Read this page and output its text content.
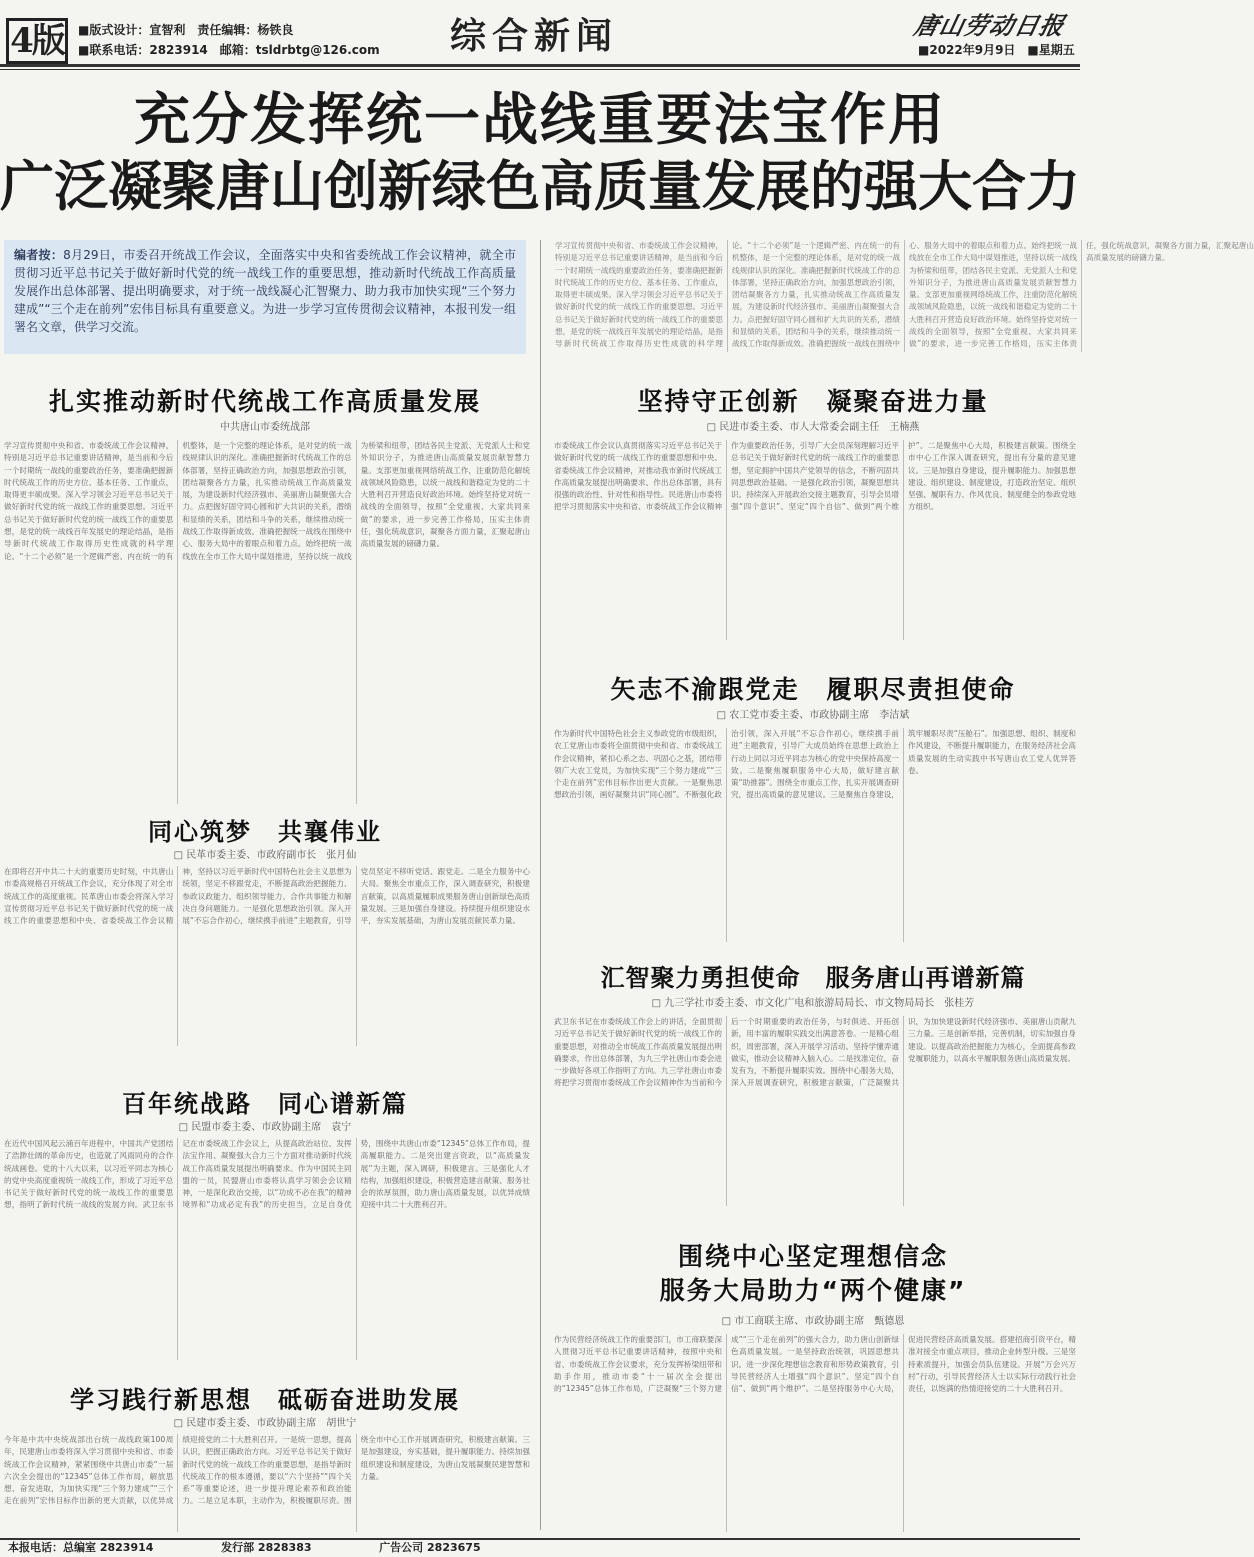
4版	■版式设计：宣智利　责任编辑：杨铁良
■联系电话：2823914　邮箱：tsldrbtg@126.com 综合新闻	唐山劳动日报
■2022年9月9日　■星期五
充分发挥统一战线重要法宝作用
广泛凝聚唐山创新绿色高质量发展的强大合力
编者按：8月29日，市委召开统战工作会议，全面落实中央和省委统战工作会议精神，就全市贯彻习近平总书记关于做好新时代党的统一战线工作的重要思想，推动新时代统战工作高质量发展作出总体部署、提出明确要求，对于统一战线凝心汇智聚力、助力我市加快实现“三个努力建成”“三个走在前列”宏伟目标具有重要意义。为进一步学习宣传贯彻会议精神，本报刊发一组署名文章，供学习交流。
学习宣传贯彻中央和省、市委统战工作会议精神，特别是习近平总书记重要讲话精神，是当前和今后一个时期统一战线的重要政治任务，要准确把握新时代统战工作的历史方位、基本任务、工作重点，取得更丰硕成果。深入学习领会习近平总书记关于做好新时代党的统一战线工作的重要思想。习近平总书记关于做好新时代党的统一战线工作的重要思想，是党的统一战线百年发展史的理论结晶，是指导新时代统战工作取得历史性成就的科学理论。“十二个必须”是一个逻辑严密、内在统一的有机整体，是一个完整的理论体系，是对党的统一战线规律认识的深化。准确把握新时代统战工作的总体部署，坚持正确政治方向，加强思想政治引领，团结凝聚各方力量，扎实推动统战工作高质量发展，为建设新时代经济强市、美丽唐山凝聚强大合力。点把握好固守同心圆和扩大共识的关系，潜绩和显绩的关系，团结和斗争的关系，继续推动统一战线工作取得新成效。准确把握统一战线在围绕中心、服务大局中的着眼点和着力点。始终把统一战线放在全市工作大局中谋划推进，坚持以统一战线为桥梁和纽带，团结各民主党派、无党派人士和党外知识分子，为推进唐山高质量发展贡献智慧力量。支部更加重视网络统战工作，注重防范化解统战领域风险隐患，以统一战线和谐稳定为党的二十大胜利召开营造良好政治环境。始终坚持党对统一战线的全面领导，按照“全党重视、大家共同来做”的要求，进一步完善工作格局，压实主体责任，强化统战意识，凝聚各方面力量，汇聚起唐山高质量发展的磅礴力量。
扎实推动新时代统战工作高质量发展
中共唐山市委统战部
学习宣传贯彻中央和省、市委统战工作会议精神，特别是习近平总书记重要讲话精神，是当前和今后一个时期统一战线的重要政治任务，要准确把握新时代统战工作的历史方位、基本任务、工作重点，取得更丰硕成果。深入学习领会习近平总书记关于做好新时代党的统一战线工作的重要思想。习近平总书记关于做好新时代党的统一战线工作的重要思想，是党的统一战线百年发展史的理论结晶，是指导新时代统战工作取得历史性成就的科学理论。“十二个必须”是一个逻辑严密、内在统一的有机整体，是一个完整的理论体系，是对党的统一战线规律认识的深化。准确把握新时代统战工作的总体部署，坚持正确政治方向，加强思想政治引领，团结凝聚各方力量，扎实推动统战工作高质量发展，为建设新时代经济强市、美丽唐山凝聚强大合力。点把握好固守同心圆和扩大共识的关系，潜绩和显绩的关系，团结和斗争的关系，继续推动统一战线工作取得新成效。准确把握统一战线在围绕中心、服务大局中的着眼点和着力点。始终把统一战线放在全市工作大局中谋划推进，坚持以统一战线为桥梁和纽带，团结各民主党派、无党派人士和党外知识分子，为推进唐山高质量发展贡献智慧力量。支部更加重视网络统战工作，注重防范化解统战领域风险隐患，以统一战线和谐稳定为党的二十大胜利召开营造良好政治环境。始终坚持党对统一战线的全面领导，按照“全党重视、大家共同来做”的要求，进一步完善工作格局，压实主体责任，强化统战意识，凝聚各方面力量，汇聚起唐山高质量发展的磅礴力量。
坚持守正创新　凝聚奋进力量
□ 民进市委主委、市人大常委会副主任　王楠燕
市委统战工作会议认真贯彻落实习近平总书记关于做好新时代党的统一战线工作的重要思想和中央、省委统战工作会议精神，对推动我市新时代统战工作高质量发展提出明确要求、作出总体部署，具有很强的政治性、针对性和指导性。民进唐山市委将把学习贯彻落实中央和省、市委统战工作会议精神作为重要政治任务，引导广大会员深刻理解习近平总书记关于做好新时代党的统一战线工作的重要思想，坚定拥护中国共产党领导的信念，不断巩固共同思想政治基础。一是强化政治引领，凝聚思想共识。持续深入开展政治交接主题教育，引导会员增强“四个意识”、坚定“四个自信”、做到“两个维护”。二是聚焦中心大局，积极建言献策。围绕全市中心工作深入调查研究，提出有分量的意见建议。三是加强自身建设，提升履职能力。加强思想建设、组织建设、制度建设，打造政治坚定、组织坚强、履职有力、作风优良、制度健全的参政党地方组织。
同心筑梦　共襄伟业
□ 民革市委主委、市政府副市长　张月仙
在即将召开中共二十大的重要历史时刻，中共唐山市委高规格召开统战工作会议，充分体现了对全市统战工作的高度重视。民革唐山市委会将深入学习宣传贯彻习近平总书记关于做好新时代党的统一战线工作的重要思想和中央、省委统战工作会议精神，坚持以习近平新时代中国特色社会主义思想为统领，坚定不移跟党走，不断提高政治把握能力、参政议政能力、组织领导能力、合作共事能力和解决自身问题能力。一是强化思想政治引领。深入开展“不忘合作初心，继续携手前进”主题教育，引导党员坚定不移听党话、跟党走。二是全力服务中心大局。聚焦全市重点工作，深入调查研究，积极建言献策，以高质量履职成果服务唐山创新绿色高质量发展。三是加强自身建设。持续提升组织建设水平，夯实发展基础，为唐山发展贡献民革力量。
矢志不渝跟党走　履职尽责担使命
□ 农工党市委主委、市政协副主席　李洁斌
作为新时代中国特色社会主义参政党的市级组织，农工党唐山市委将全面贯彻中央和省、市委统战工作会议精神，紧扣心系之志、巩固心之基，团结带领广大农工党员，为加快实现“三个努力建成”“三个走在前列”宏伟目标作出更大贡献。一是聚焦思想政治引领，画好凝聚共识“同心圆”。不断强化政治引领，深入开展“不忘合作初心，继续携手前进”主题教育，引导广大成员始终在思想上政治上行动上同以习近平同志为核心的党中央保持高度一致。二是聚焦履职服务中心大局，做好建言献策“助推器”。围绕全市重点工作，扎实开展调查研究，提出高质量的意见建议。三是聚焦自身建设，筑牢履职尽责“压舱石”。加强思想、组织、制度和作风建设，不断提升履职能力，在服务经济社会高质量发展的生动实践中书写唐山农工党人优异答卷。
汇智聚力勇担使命　服务唐山再谱新篇
□ 九三学社市委主委、市文化广电和旅游局局长、市文物局局长　张桂芳
武卫东书记在市委统战工作会上的讲话，全面贯彻习近平总书记关于做好新时代党的统一战线工作的重要思想，对推动全市统战工作高质量发展提出明确要求，作出总体部署，为九三学社唐山市委会进一步做好各项工作指明了方向。九三学社唐山市委将把学习贯彻市委统战工作会议精神作为当前和今后一个时期重要的政治任务，与时俱进、开拓创新，用丰富的履职实践交出满意答卷。一是精心组织，周密部署，深入开展学习活动。坚持学懂弄通做实，推动会议精神入脑入心。二是找准定位，奋发有为，不断提升履职实效。围绕中心服务大局，深入开展调查研究，积极建言献策，广泛凝聚共识，为加快建设新时代经济强市、美丽唐山贡献九三力量。三是创新举措，完善机制，切实加强自身建设。以提高政治把握能力为核心，全面提高参政党履职能力，以高水平履职服务唐山高质量发展。
百年统战路　同心谱新篇
□ 民盟市委主委、市政协副主席　袁宁
在近代中国风起云涌百年进程中，中国共产党团结了浩渺壮阔的革命历史，也造就了风雨同舟的合作统战画卷。党的十八大以来，以习近平同志为核心的党中央高度重视统一战线工作，形成了习近平总书记关于做好新时代党的统一战线工作的重要思想，指明了新时代统一战线的发展方向。武卫东书记在市委统战工作会议上，从提高政治站位、发挥法宝作用、凝聚强大合力三个方面对推动新时代统战工作高质量发展提出明确要求。作为中国民主同盟的一员，民盟唐山市委将认真学习领会会议精神，一是深化政治交接，以“功成不必在我”的精神境界和“功成必定有我”的历史担当，立足自身优势，围绕中共唐山市委“12345”总体工作布局，提高履职能力。二是突出建言资政，以“高质量发展”为主题，深入调研，积极建言。三是强化人才结构，加强组织建设，积极营造建言献策、服务社会的浓厚氛围，助力唐山高质量发展，以优异成绩迎接中共二十大胜利召开。
围绕中心坚定理想信念
服务大局助力“两个健康”
□ 市工商联主席、市政协副主席　甄德恩
作为民营经济统战工作的重要部门，市工商联要深入贯彻习近平总书记重要讲话精神，按照中央和省、市委统战工作会议要求，充分发挥桥梁纽带和助手作用，推动市委“十一届次全会提出的“12345”总体工作布局，广泛凝聚“三个努力建成”“三个走在前列”的强大合力，助力唐山创新绿色高质量发展。一是坚持政治统领，巩固思想共识。进一步深化理想信念教育和形势政策教育，引导民营经济人士增强“四个意识”、坚定“四个自信”、做到“两个维护”。二是坚持服务中心大局，促进民营经济高质量发展。搭建招商引资平台，精准对接全市重点项目，推动企业转型升级。三是坚持素质提升，加强会员队伍建设。开展“万会兴万村”行动，引导民营经济人士以实际行动践行社会责任，以饱满的热情迎接党的二十大胜利召开。
学习践行新思想　砥砺奋进助发展
□ 民建市委主委、市政协副主席　胡世宁
今年是中共中央统战部出台统一战线政策100周年，民建唐山市委将深入学习贯彻中央和省、市委统战工作会议精神，紧紧围绕中共唐山市委“一届六次全会提出的“12345”总体工作布局，解放思想、奋发进取，为加快实现“三个努力建成”“三个走在前列”宏伟目标作出新的更大贡献，以优异成绩迎接党的二十大胜利召开。一是统一思想，提高认识，把握正确政治方向。习近平总书记关于做好新时代党的统一战线工作的重要思想，是指导新时代统战工作的根本遵循，要以“六个坚持”“四个关系”等重要论述，进一步提升理论素养和政治能力。二是立足本职，主动作为，积极履职尽责。围绕全市中心工作开展调查研究，积极建言献策。三是加强建设，夯实基础，提升履职能力。持续加强组织建设和制度建设，为唐山发展凝聚民建智慧和力量。
本报电话：总编室 2823914	发行部 2828383	广告公司 2823675
